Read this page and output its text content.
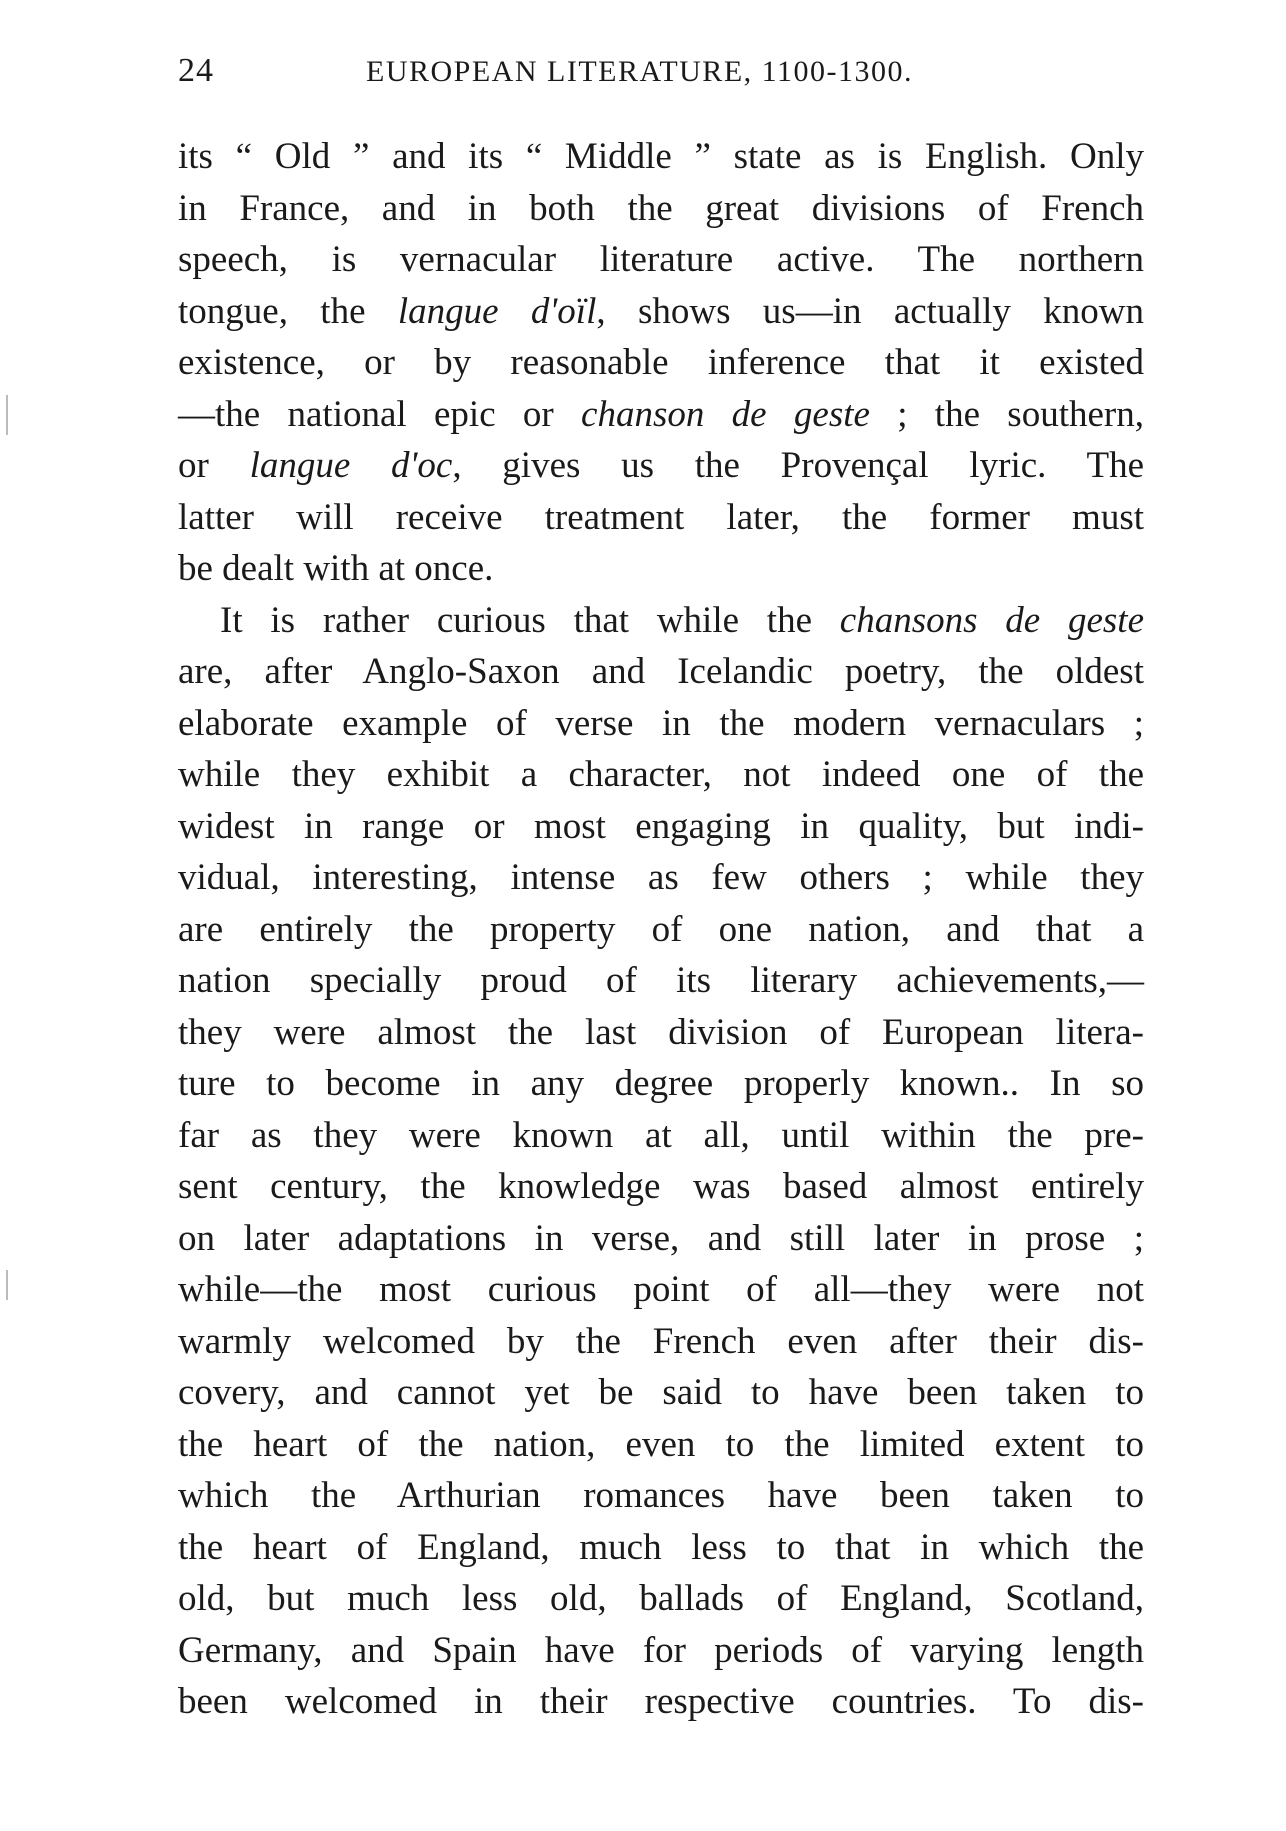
24	EUROPEAN LITERATURE, 1100-1300.
its “ Old ” and its “ Middle ” state as is English. Only
in France, and in both the great divisions of French
speech, is vernacular literature active. The northern
tongue, the langue d'oïl, shows us—in actually known
existence, or by reasonable inference that it existed
—the national epic or chanson de geste ; the southern,
or langue d'oc, gives us the Provençal lyric. The
latter will receive treatment later, the former must
be dealt with at once.
It is rather curious that while the chansons de geste
are, after Anglo-Saxon and Icelandic poetry, the oldest
elaborate example of verse in the modern vernaculars ;
while they exhibit a character, not indeed one of the
widest in range or most engaging in quality, but indi-
vidual, interesting, intense as few others ; while they
are entirely the property of one nation, and that a
nation specially proud of its literary achievements,—
they were almost the last division of European litera-
ture to become in any degree properly known.. In so
far as they were known at all, until within the pre-
sent century, the knowledge was based almost entirely
on later adaptations in verse, and still later in prose ;
while—the most curious point of all—they were not
warmly welcomed by the French even after their dis-
covery, and cannot yet be said to have been taken to
the heart of the nation, even to the limited extent to
which the Arthurian romances have been taken to
the heart of England, much less to that in which the
old, but much less old, ballads of England, Scotland,
Germany, and Spain have for periods of varying length
been welcomed in their respective countries. To dis-
